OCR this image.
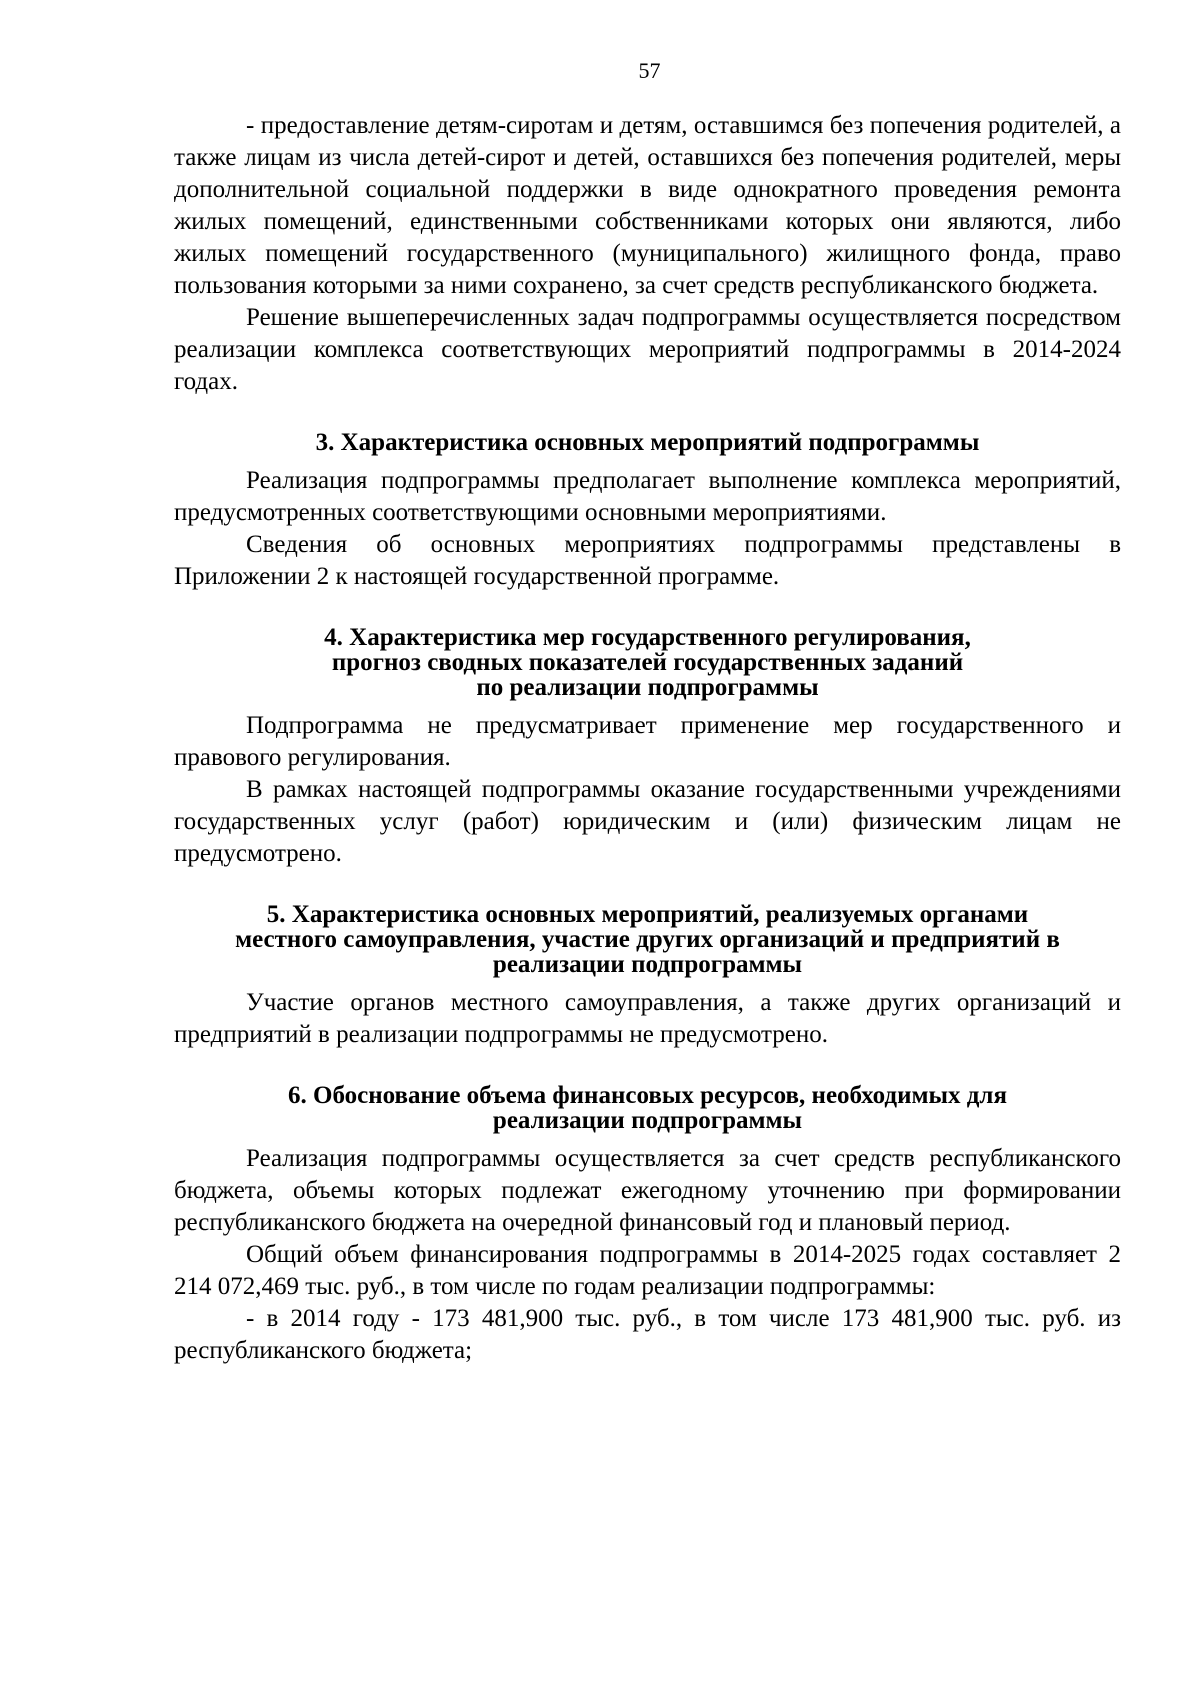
57

- предоставление детям-сиротам и детям, оставшимся без попечения родителей, а также лицам из числа детей-сирот и детей, оставшихся без попечения родителей, меры дополнительной социальной поддержки в виде однократного проведения ремонта жилых помещений, единственными собственниками которых они являются, либо жилых помещений государственного (муниципального) жилищного фонда, право пользования которыми за ними сохранено, за счет средств республиканского бюджета.

Решение вышеперечисленных задач подпрограммы осуществляется посредством реализации комплекса соответствующих мероприятий подпрограммы в 2014-2024 годах.

3. Характеристика основных мероприятий подпрограммы

Реализация подпрограммы предполагает выполнение комплекса мероприятий, предусмотренных соответствующими основными мероприятиями.

Сведения об основных мероприятиях подпрограммы представлены в Приложении 2 к настоящей государственной программе.

4. Характеристика мер государственного регулирования,
прогноз сводных показателей государственных заданий
по реализации подпрограммы

Подпрограмма не предусматривает применение мер государственного и правового регулирования.

В рамках настоящей подпрограммы оказание государственными учреждениями государственных услуг (работ) юридическим и (или) физическим лицам не предусмотрено.

5. Характеристика основных мероприятий, реализуемых органами
местного самоуправления, участие других организаций и предприятий в
реализации подпрограммы

Участие органов местного самоуправления, а также других организаций и предприятий в реализации подпрограммы не предусмотрено.

6. Обоснование объема финансовых ресурсов, необходимых для
реализации подпрограммы

Реализация подпрограммы осуществляется за счет средств республиканского бюджета, объемы которых подлежат ежегодному уточнению при формировании республиканского бюджета на очередной финансовый год и плановый период.

Общий объем финансирования подпрограммы в 2014-2025 годах составляет 2 214 072,469 тыс. руб., в том числе по годам реализации подпрограммы:

- в 2014 году - 173 481,900 тыс. руб., в том числе 173 481,900 тыс. руб. из республиканского бюджета;
